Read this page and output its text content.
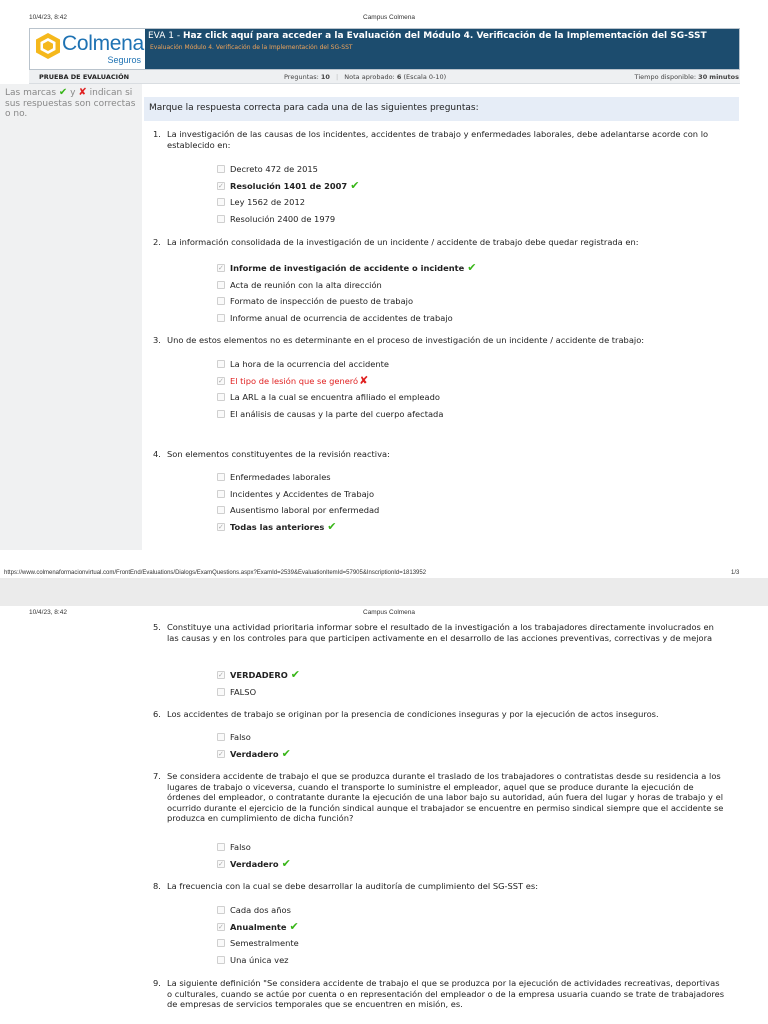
10/4/23, 8:42	Campus Colmena
Colmena
Seguros
EVA 1 - Haz click aquí para acceder a la Evaluación del Módulo 4. Verificación de la Implementación del SG-SST Evaluación Módulo 4. Verificación de la Implementación del SG-SST
PRUEBA DE EVALUACIÓN	Preguntas: 10 | Nota aprobado: 6 (Escala 0-10)	Tiempo disponible: 30 minutos
Las marcas ✔ y ✘ indican si sus respuestas son correctas o no.
Marque la respuesta correcta para cada una de las siguientes preguntas:
1. La investigación de las causas de los incidentes, accidentes de trabajo y enfermedades laborales, debe adelantarse acorde con lo establecido en:
Decreto 472 de 2015
✓Resolución 1401 de 2007 ✔
Ley 1562 de 2012
Resolución 2400 de 1979
2. La información consolidada de la investigación de un incidente / accidente de trabajo debe quedar registrada en:
✓Informe de investigación de accidente o incidente ✔
Acta de reunión con la alta dirección
Formato de inspección de puesto de trabajo
Informe anual de ocurrencia de accidentes de trabajo
3. Uno de estos elementos no es determinante en el proceso de investigación de un incidente / accidente de trabajo:
La hora de la ocurrencia del accidente
✓El tipo de lesión que se generó✘
La ARL a la cual se encuentra afiliado el empleado
El análisis de causas y la parte del cuerpo afectada
4. Son elementos constituyentes de la revisión reactiva:
Enfermedades laborales
Incidentes y Accidentes de Trabajo
Ausentismo laboral por enfermedad
✓Todas las anteriores ✔
5. Constituye una actividad prioritaria informar sobre el resultado de la investigación a los trabajadores directamente involucrados en las causas y en los controles para que participen activamente en el desarrollo de las acciones preventivas, correctivas y de mejora
✓VERDADERO ✔
FALSO
6. Los accidentes de trabajo se originan por la presencia de condiciones inseguras y por la ejecución de actos inseguros.
Falso
✓Verdadero ✔
7. Se considera accidente de trabajo el que se produzca durante el traslado de los trabajadores o contratistas desde su residencia a los lugares de trabajo o viceversa, cuando el transporte lo suministre el empleador, aquel que se produce durante la ejecución de órdenes del empleador, o contratante durante la ejecución de una labor bajo su autoridad, aún fuera del lugar y horas de trabajo y el ocurrido durante el ejercicio de la función sindical aunque el trabajador se encuentre en permiso sindical siempre que el accidente se produzca en cumplimiento de dicha función?
Falso
✓Verdadero ✔
8. La frecuencia con la cual se debe desarrollar la auditoría de cumplimiento del SG-SST es:
Cada dos años
✓Anualmente ✔
Semestralmente
Una única vez
9. La siguiente definición "Se considera accidente de trabajo el que se produzca por la ejecución de actividades recreativas, deportivas o culturales, cuando se actúe por cuenta o en representación del empleador o de la empresa usuaria cuando se trate de trabajadores de empresas de servicios temporales que se encuentren en misión, es.
https://www.colmenaformacionvirtual.com/FrontEnd/Evaluations/Dialogs/ExamQuestions.aspx?ExamId=2539&EvaluationItemId=57905&InscriptionId=1813952	1/3
10/4/23, 8:42	Campus Colmena
